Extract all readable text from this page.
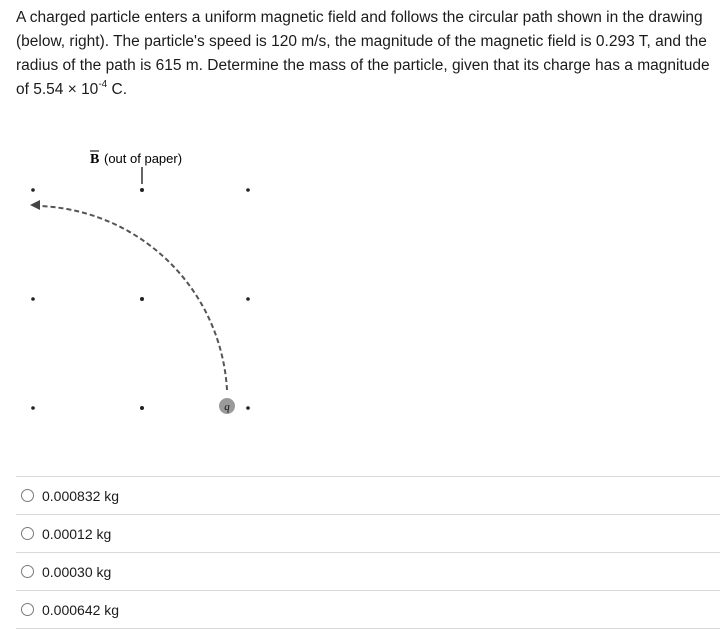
A charged particle enters a uniform magnetic field and follows the circular path shown in the drawing (below, right). The particle's speed is 120 m/s, the magnitude of the magnetic field is 0.293 T, and the radius of the path is 615 m. Determine the mass of the particle, given that its charge has a magnitude of $5.54 \times 10^{-4}$ C.

B (out of paper)
q
0.000832 kg
0.00012 kg
0.00030 kg
0.000642 kg
